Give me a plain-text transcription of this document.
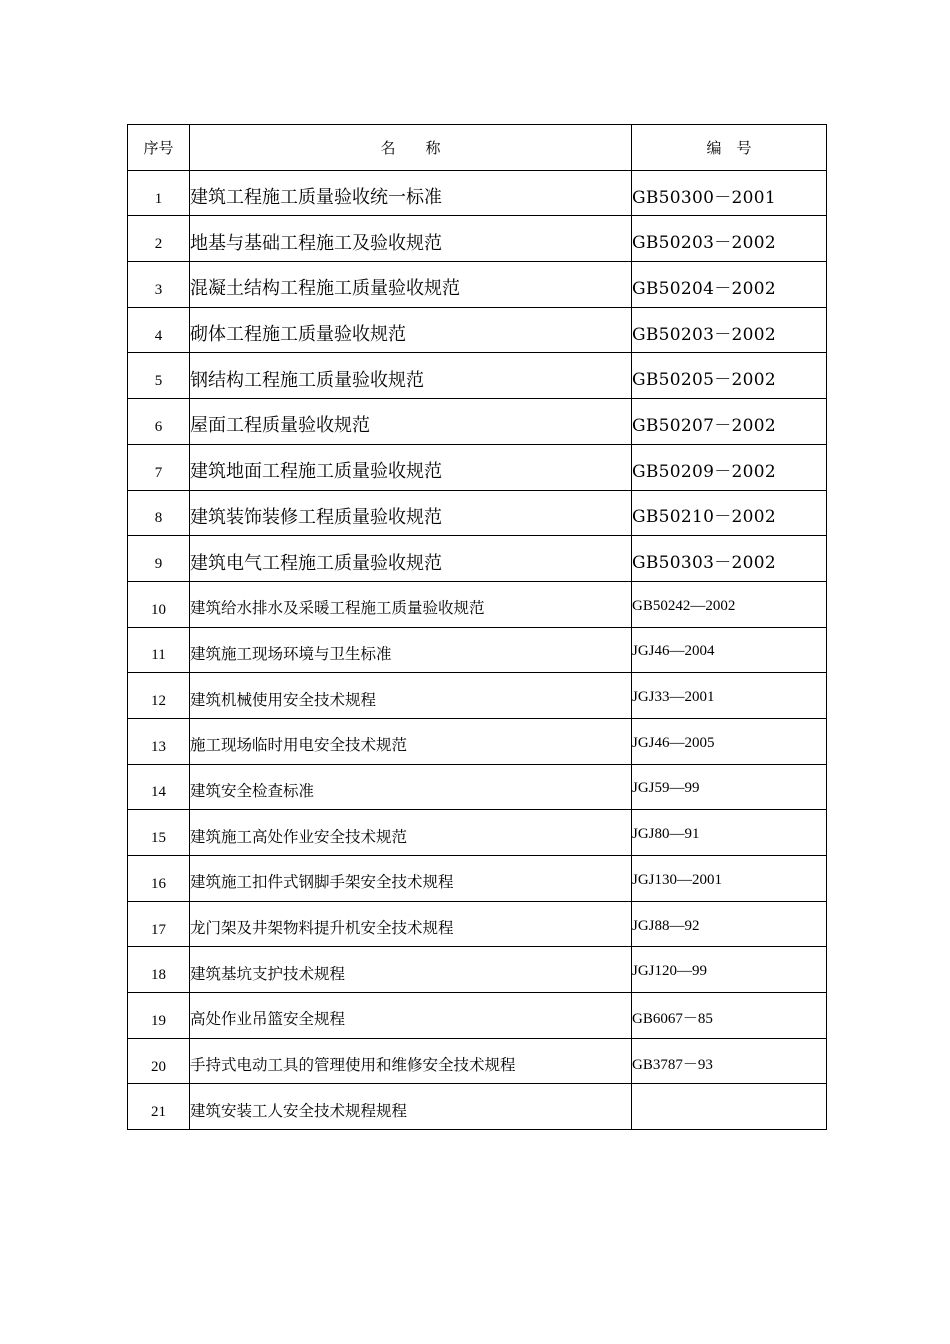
序号	名　　称	编　号

1	建筑工程施工质量验收统一标准	GB50300－2001

2	地基与基础工程施工及验收规范	GB50203－2002

3	混凝土结构工程施工质量验收规范	GB50204－2002

4	砌体工程施工质量验收规范	GB50203－2002

5	钢结构工程施工质量验收规范	GB50205－2002

6	屋面工程质量验收规范	GB50207－2002

7	建筑地面工程施工质量验收规范	GB50209－2002

8	建筑装饰装修工程质量验收规范	GB50210－2002

9	建筑电气工程施工质量验收规范	GB50303－2002

10	建筑给水排水及采暖工程施工质量验收规范	GB50242—2002

11	建筑施工现场环境与卫生标准	JGJ46—2004

12	建筑机械使用安全技术规程	JGJ33—2001

13	施工现场临时用电安全技术规范	JGJ46—2005

14	建筑安全检查标准	JGJ59—99

15	建筑施工高处作业安全技术规范	JGJ80—91

16	建筑施工扣件式钢脚手架安全技术规程	JGJ130—2001

17	龙门架及井架物料提升机安全技术规程	JGJ88—92

18	建筑基坑支护技术规程	JGJ120—99

19	高处作业吊篮安全规程	GB6067－85

20	手持式电动工具的管理使用和维修安全技术规程	GB3787－93

21	建筑安装工人安全技术规程规程	
